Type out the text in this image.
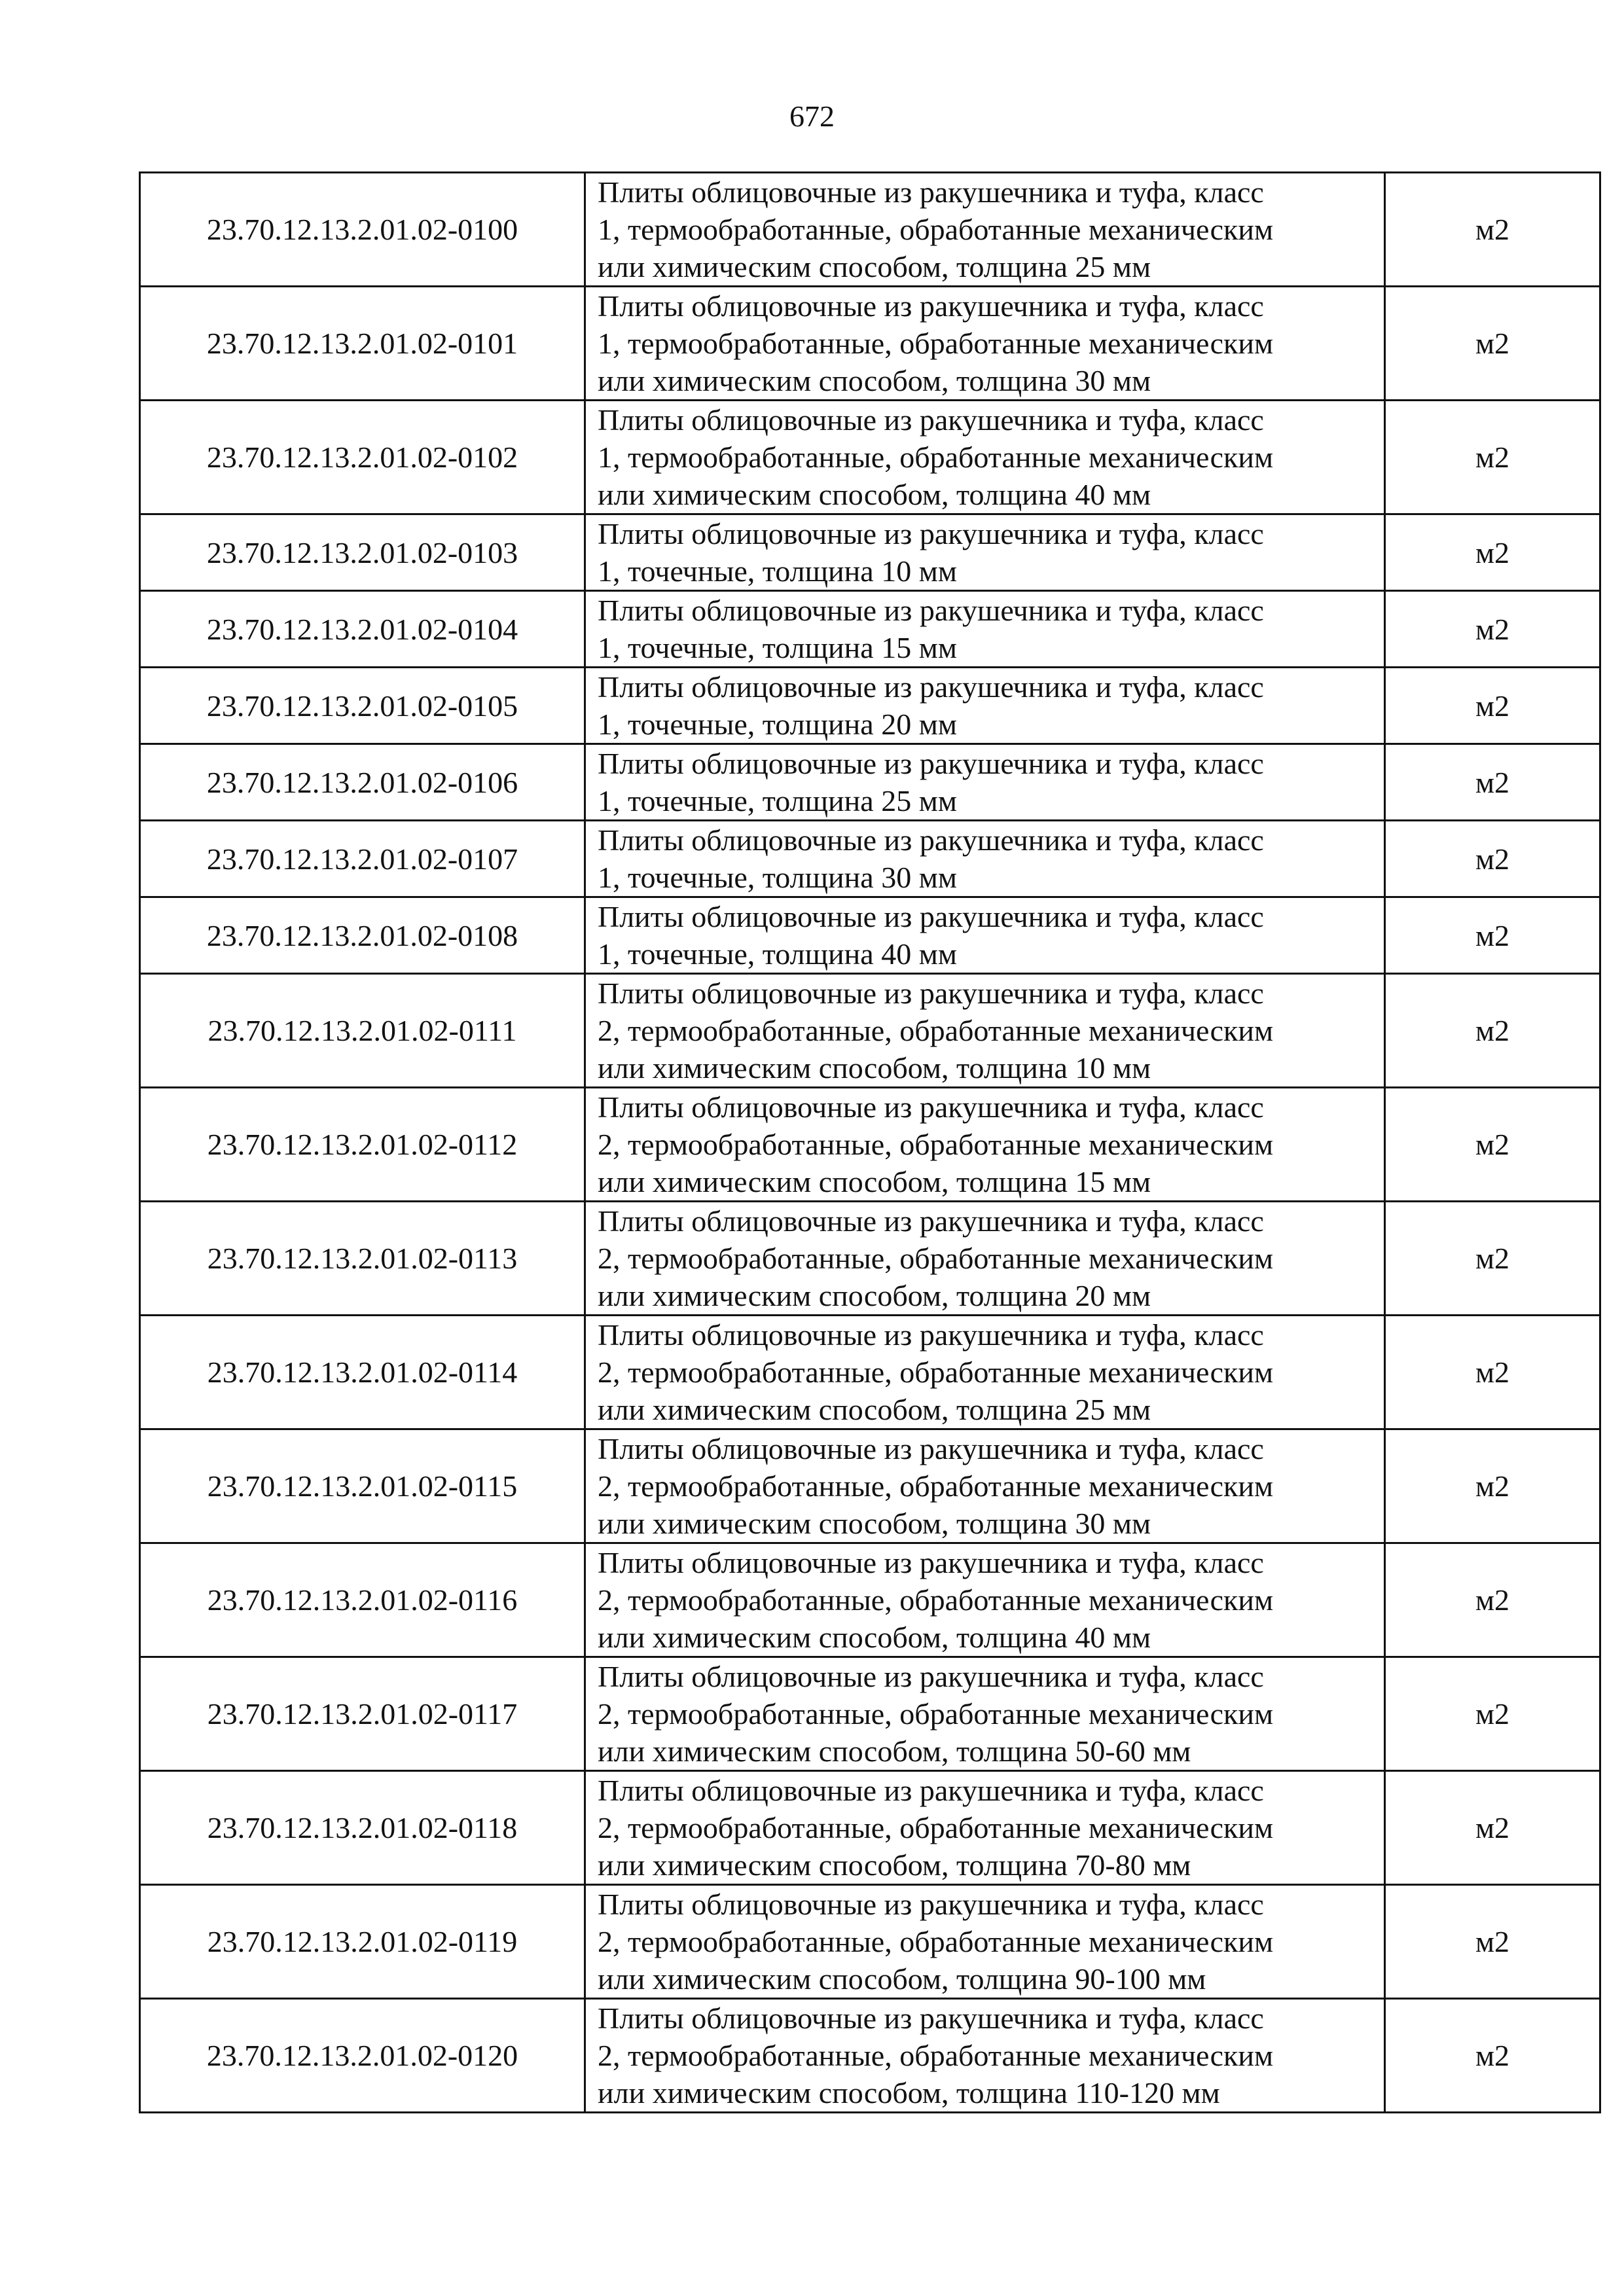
672
23.70.12.13.2.01.02-0100	Плиты облицовочные из ракушечника и туфа, класс
1, термообработанные, обработанные механическим
или химическим способом, толщина 25 мм	м2
23.70.12.13.2.01.02-0101	Плиты облицовочные из ракушечника и туфа, класс
1, термообработанные, обработанные механическим
или химическим способом, толщина 30 мм	м2
23.70.12.13.2.01.02-0102	Плиты облицовочные из ракушечника и туфа, класс
1, термообработанные, обработанные механическим
или химическим способом, толщина 40 мм	м2
23.70.12.13.2.01.02-0103	Плиты облицовочные из ракушечника и туфа, класс
1, точечные, толщина 10 мм	м2
23.70.12.13.2.01.02-0104	Плиты облицовочные из ракушечника и туфа, класс
1, точечные, толщина 15 мм	м2
23.70.12.13.2.01.02-0105	Плиты облицовочные из ракушечника и туфа, класс
1, точечные, толщина 20 мм	м2
23.70.12.13.2.01.02-0106	Плиты облицовочные из ракушечника и туфа, класс
1, точечные, толщина 25 мм	м2
23.70.12.13.2.01.02-0107	Плиты облицовочные из ракушечника и туфа, класс
1, точечные, толщина 30 мм	м2
23.70.12.13.2.01.02-0108	Плиты облицовочные из ракушечника и туфа, класс
1, точечные, толщина 40 мм	м2
23.70.12.13.2.01.02-0111	Плиты облицовочные из ракушечника и туфа, класс
2, термообработанные, обработанные механическим
или химическим способом, толщина 10 мм	м2
23.70.12.13.2.01.02-0112	Плиты облицовочные из ракушечника и туфа, класс
2, термообработанные, обработанные механическим
или химическим способом, толщина 15 мм	м2
23.70.12.13.2.01.02-0113	Плиты облицовочные из ракушечника и туфа, класс
2, термообработанные, обработанные механическим
или химическим способом, толщина 20 мм	м2
23.70.12.13.2.01.02-0114	Плиты облицовочные из ракушечника и туфа, класс
2, термообработанные, обработанные механическим
или химическим способом, толщина 25 мм	м2
23.70.12.13.2.01.02-0115	Плиты облицовочные из ракушечника и туфа, класс
2, термообработанные, обработанные механическим
или химическим способом, толщина 30 мм	м2
23.70.12.13.2.01.02-0116	Плиты облицовочные из ракушечника и туфа, класс
2, термообработанные, обработанные механическим
или химическим способом, толщина 40 мм	м2
23.70.12.13.2.01.02-0117	Плиты облицовочные из ракушечника и туфа, класс
2, термообработанные, обработанные механическим
или химическим способом, толщина 50-60 мм	м2
23.70.12.13.2.01.02-0118	Плиты облицовочные из ракушечника и туфа, класс
2, термообработанные, обработанные механическим
или химическим способом, толщина 70-80 мм	м2
23.70.12.13.2.01.02-0119	Плиты облицовочные из ракушечника и туфа, класс
2, термообработанные, обработанные механическим
или химическим способом, толщина 90-100 мм	м2
23.70.12.13.2.01.02-0120	Плиты облицовочные из ракушечника и туфа, класс
2, термообработанные, обработанные механическим
или химическим способом, толщина 110-120 мм	м2
